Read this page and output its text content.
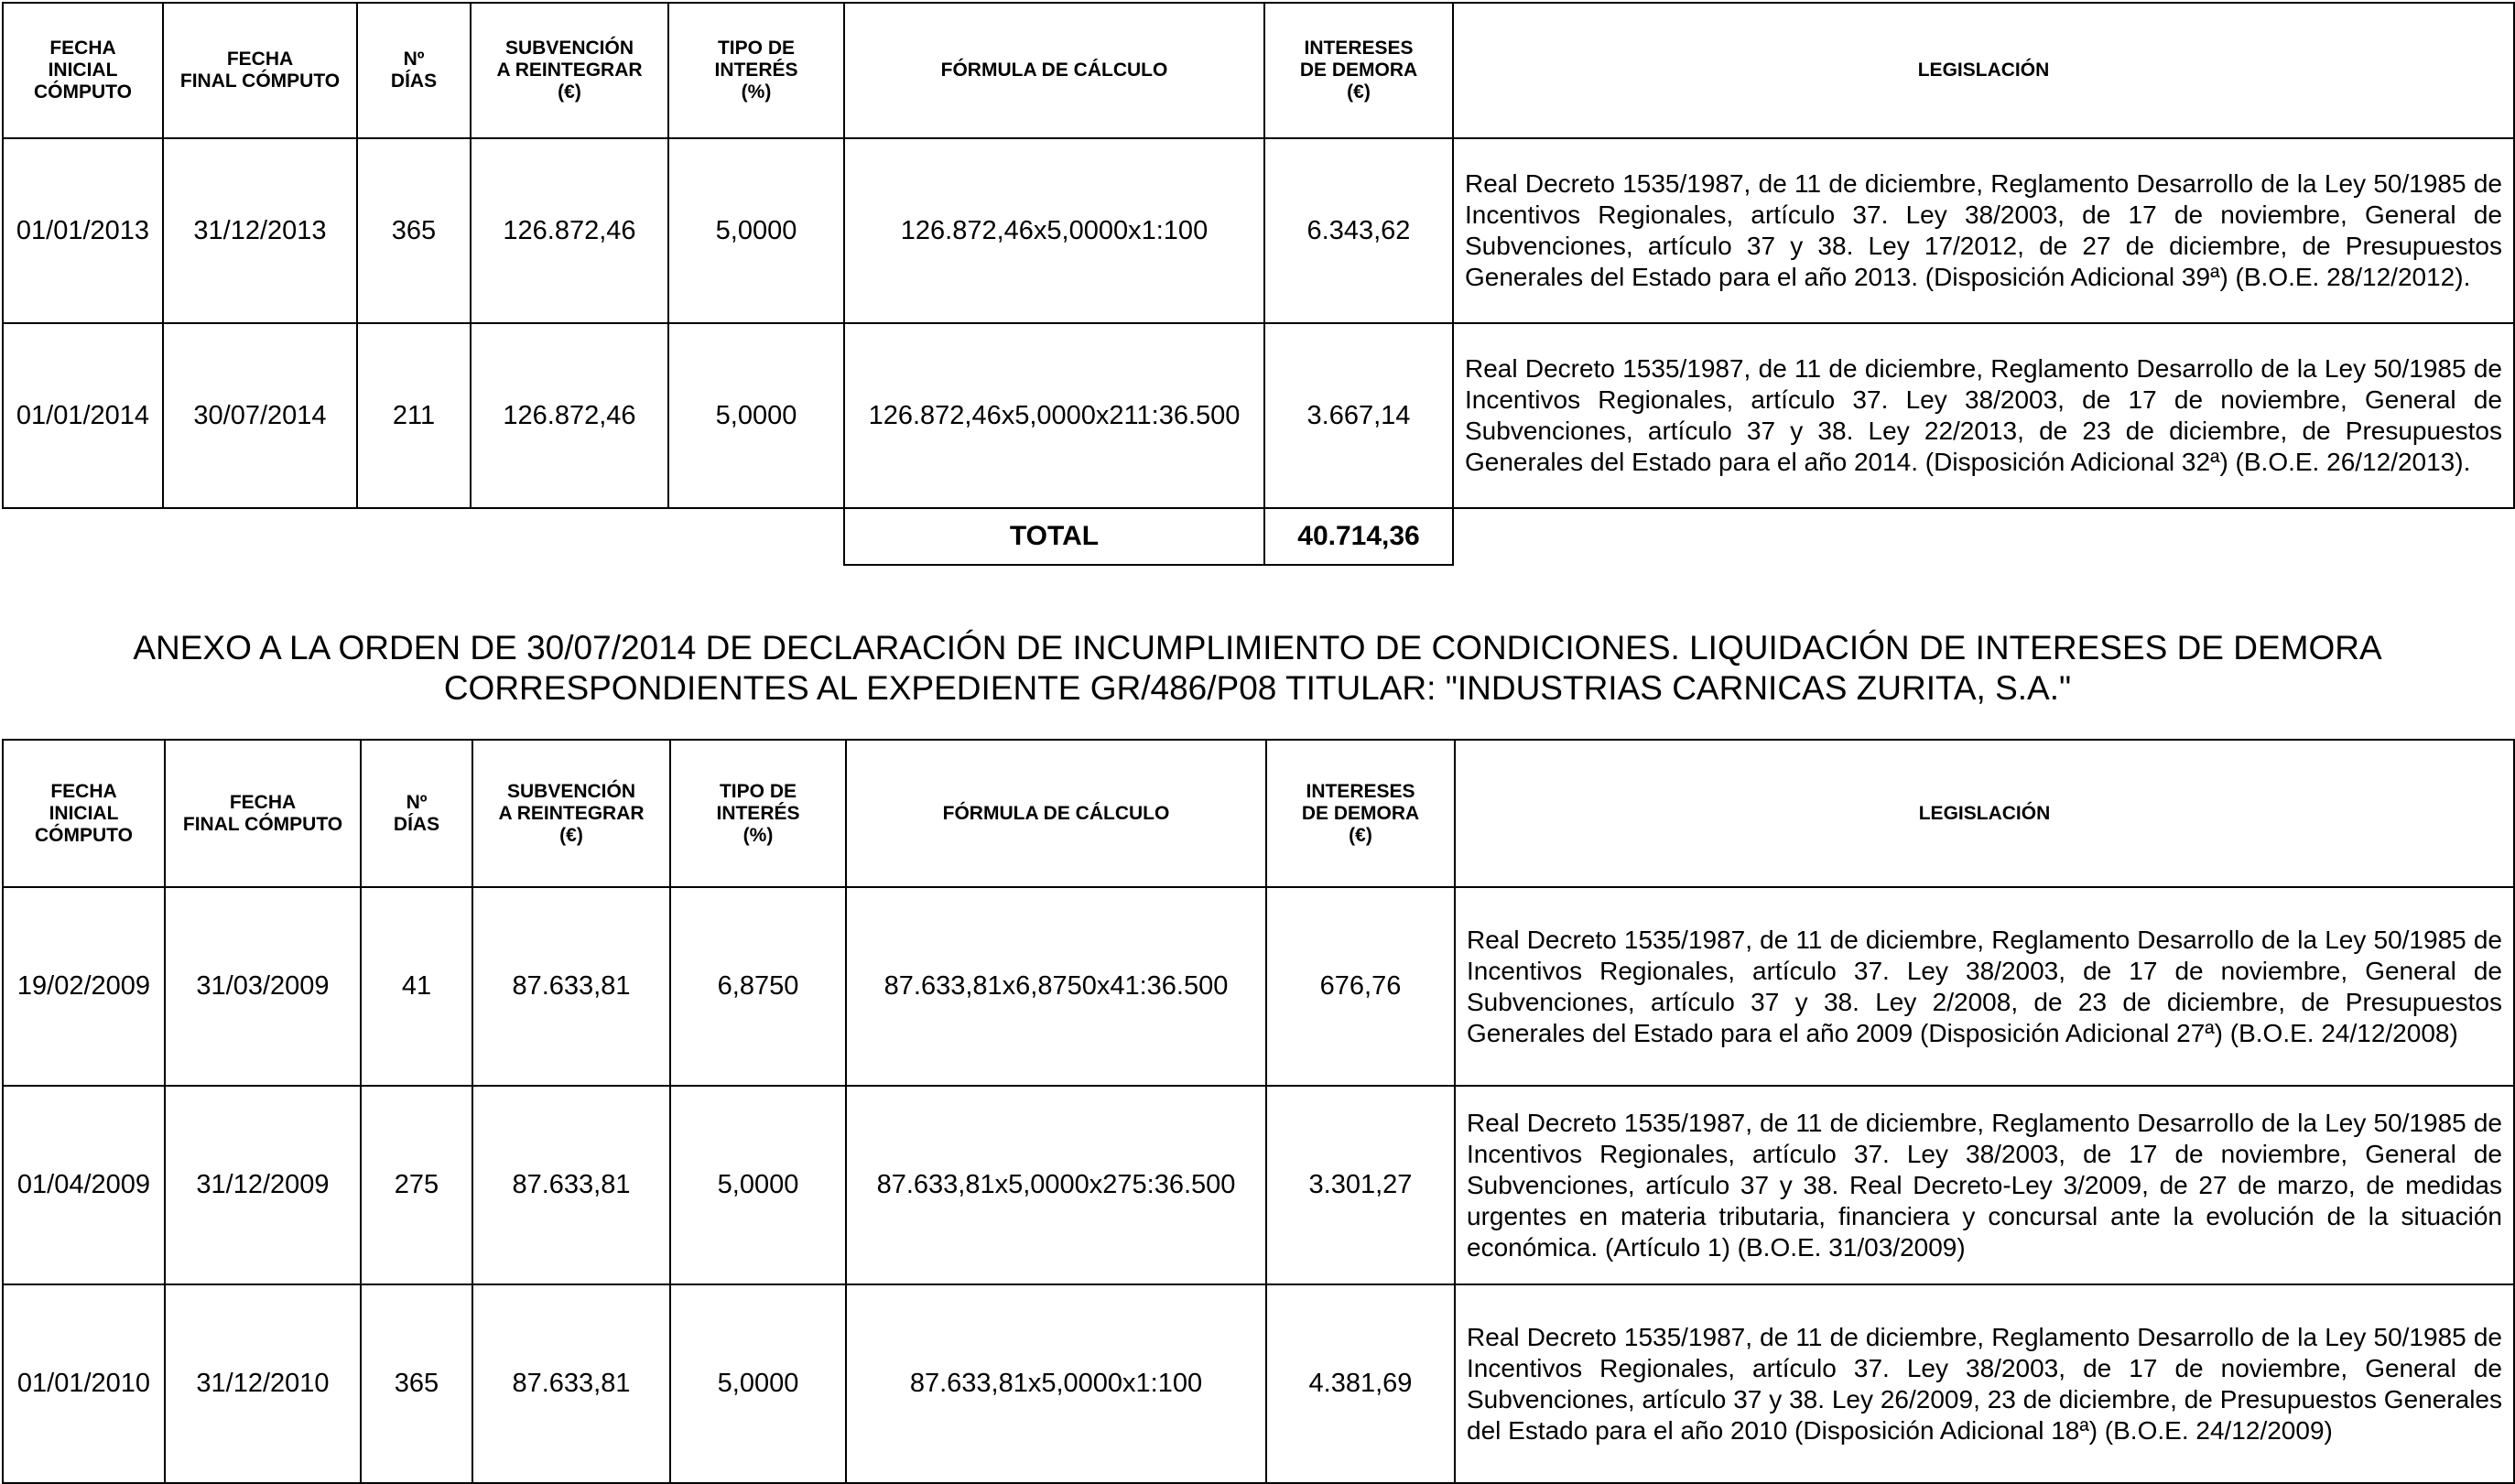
FECHA
INICIAL
CÓMPUTO	FECHA
FINAL CÓMPUTO	Nº
DÍAS	SUBVENCIÓN
A REINTEGRAR
(€)	TIPO DE
INTERÉS
(%)	FÓRMULA DE CÁLCULO	INTERESES
DE DEMORA
(€)	LEGISLACIÓN
01/01/2013	31/12/2013	365	126.872,46	5,0000	126.872,46x5,0000x1:100	6.343,62	Real Decreto 1535/1987, de 11 de diciembre, Reglamento Desarrollo de la Ley 50/1985 de Incentivos Regionales, artículo 37. Ley 38/2003, de 17 de noviembre, General de Subvenciones, artículo 37 y 38. Ley 17/2012, de 27 de diciembre, de Presupuestos Generales del Estado para el año 2013. (Disposición Adicional 39ª) (B.O.E. 28/12/2012).
01/01/2014	30/07/2014	211	126.872,46	5,0000	126.872,46x5,0000x211:36.500	3.667,14	Real Decreto 1535/1987, de 11 de diciembre, Reglamento Desarrollo de la Ley 50/1985 de Incentivos Regionales, artículo 37. Ley 38/2003, de 17 de noviembre, General de Subvenciones, artículo 37 y 38. Ley 22/2013, de 23 de diciembre, de Presupuestos Generales del Estado para el año 2014. (Disposición Adicional 32ª) (B.O.E. 26/12/2013).
					TOTAL	40.714,36	
ANEXO A LA ORDEN DE 30/07/2014 DE DECLARACIÓN DE INCUMPLIMIENTO DE CONDICIONES. LIQUIDACIÓN DE INTERESES DE DEMORA
CORRESPONDIENTES AL EXPEDIENTE GR/486/P08 TITULAR: "INDUSTRIAS CARNICAS ZURITA, S.A."
FECHA
INICIAL
CÓMPUTO	FECHA
FINAL CÓMPUTO	Nº
DÍAS	SUBVENCIÓN
A REINTEGRAR
(€)	TIPO DE
INTERÉS
(%)	FÓRMULA DE CÁLCULO	INTERESES
DE DEMORA
(€)	LEGISLACIÓN
19/02/2009	31/03/2009	41	87.633,81	6,8750	87.633,81x6,8750x41:36.500	676,76	Real Decreto 1535/1987, de 11 de diciembre, Reglamento Desarrollo de la Ley 50/1985 de Incentivos Regionales, artículo 37. Ley 38/2003, de 17 de noviembre, General de Subvenciones, artículo 37 y 38. Ley 2/2008, de 23 de diciembre, de Presupuestos Generales del Estado para el año 2009 (Disposición Adicional 27ª) (B.O.E. 24/12/2008)
01/04/2009	31/12/2009	275	87.633,81	5,0000	87.633,81x5,0000x275:36.500	3.301,27	Real Decreto 1535/1987, de 11 de diciembre, Reglamento Desarrollo de la Ley 50/1985 de Incentivos Regionales, artículo 37. Ley 38/2003, de 17 de noviembre, General de Subvenciones, artículo 37 y 38. Real Decreto-Ley 3/2009, de 27 de marzo, de medidas urgentes en materia tributaria, financiera y concursal ante la evolución de la situación económica. (Artículo 1) (B.O.E. 31/03/2009)
01/01/2010	31/12/2010	365	87.633,81	5,0000	87.633,81x5,0000x1:100	4.381,69	Real Decreto 1535/1987, de 11 de diciembre, Reglamento Desarrollo de la Ley 50/1985 de Incentivos Regionales, artículo 37. Ley 38/2003, de 17 de noviembre, General de Subvenciones, artículo 37 y 38. Ley 26/2009, 23 de diciembre, de Presupuestos Generales del Estado para el año 2010 (Disposición Adicional 18ª) (B.O.E. 24/12/2009)
